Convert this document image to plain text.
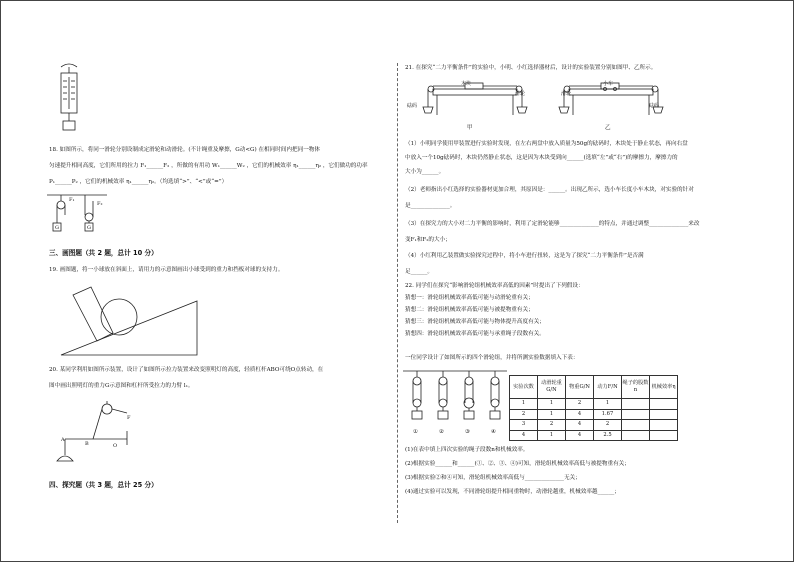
18. 如图所示，将同一滑轮分别设制成定滑轮和动滑轮。(不计绳重及摩擦，G动<G) 在相同时间内把同一物体
匀速提升相同高度，它们所用的拉力 F₁______F₂ ，所做的有用功 W₁______W₂ ，它们的机械效率 η₁______η₂ ，它们做功的功率
P₁______P₂ ，它们的机械效率 η₁______η₂。（均选填“>”、“<”或“=”）
G	G
F₁
F₂
三、画图题（共 2 题，总计 10 分）
19. 画图题，将一小球放在斜面上，请用力的示意图画出小球受到的重力和挡板对球的支持力。
20. 某同学利用如图所示装置，设计了如图所示拉力装置来改变照明灯的高度，轻质杠杆ABO可绕O点转动，在
图中画出照明灯的重力G示意图和杠杆所受拉力的力臂 l₁。
A
B	O
F
四、探究题（共 3 题，总计 25 分）
21. 在探究“二力平衡条件”的实验中，小明、小红选择器材后，设计的实验装置分别如图甲、乙所示。
甲
木块
砝码
滑轮
乙
小车
砝码
滑轮
（1）小明同学使用甲装置进行实验时发现，在左右两盘中放入质量为50g的砝码时，木块处于静止状态，再向右盘
中放入一个10g砝码时，木块仍然静止状态，这是因为木块受到向______(选填“左”或“右”)的摩擦力，摩擦力的
大小为______。
（2）老师指出小红选择的实验器材更加合理，其原因是：______。出现乙所示，选小车长度小车木块，对实验的针对
是______________。
（3）在探究力的大小对二力平衡的影响时，利用了定滑轮能够______________的特点，并通过调整______________来改
变F₁和F₂的大小；
（4）小红利用乙装置做实验探究过程中，将小车进行扭转，这是为了探究“二力平衡条件”是否满
足______。
22. 同学们在探究“影响滑轮组机械效率高低的因素”时提出了下列假设：
猜想一：滑轮组机械效率高低可能与动滑轮重有关；
猜想二：滑轮组机械效率高低可能与被提物重有关；
猜想三：滑轮组机械效率高低可能与物体提升高度有关；
猜想四：滑轮组机械效率高低可能与承重绳子段数有关。
一位同学设计了如图所示的四个滑轮组，并将所测实验数据填入下表：
①	②	③	④
实验次数	动滑轮重G/N	物重G/N	动力F/N	绳子的股数n	机械效率η
1	1	2	1		
2	1	4	1.67		
3	2	4	2		
4	1	4	2.5		
(1)在表中填上四次实验的绳子段数n和机械效率。
(2)根据实验______和______(①、②、③、④)可知，滑轮组机械效率高低与被提物重有关；
(3)根据实验②和④可知，滑轮组机械效率高低与______________无关；
(4)通过实验可以发现，不同滑轮组提升相同重物时，动滑轮越重，机械效率越______；
